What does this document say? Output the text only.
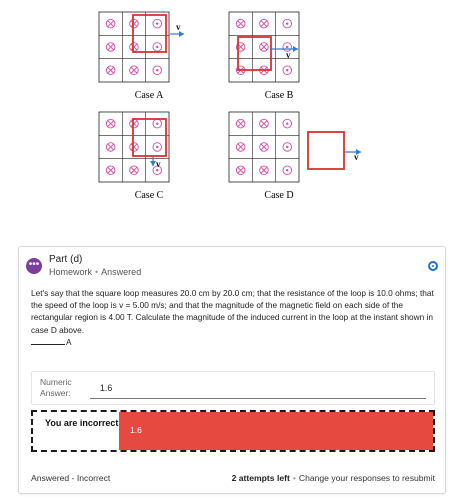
v
v
v
v
Case A	Case B
Case C	Case D
••• Part (d)
Homework • Answered
Let's say that the square loop measures 20.0 cm by 20.0 cm; that the resistance of the loop is 10.0 ohms; that the speed of the loop is v = 5.00 m/s; and that the magnitude of the magnetic field on each side of the rectangular region is 4.00 T. Calculate the magnitude of the induced current in the loop at the instant shown in case D above.
A
Numeric Answer:	1.6
You are incorrect
1.6
Answered - Incorrect	2 attempts left • Change your responses to resubmit
